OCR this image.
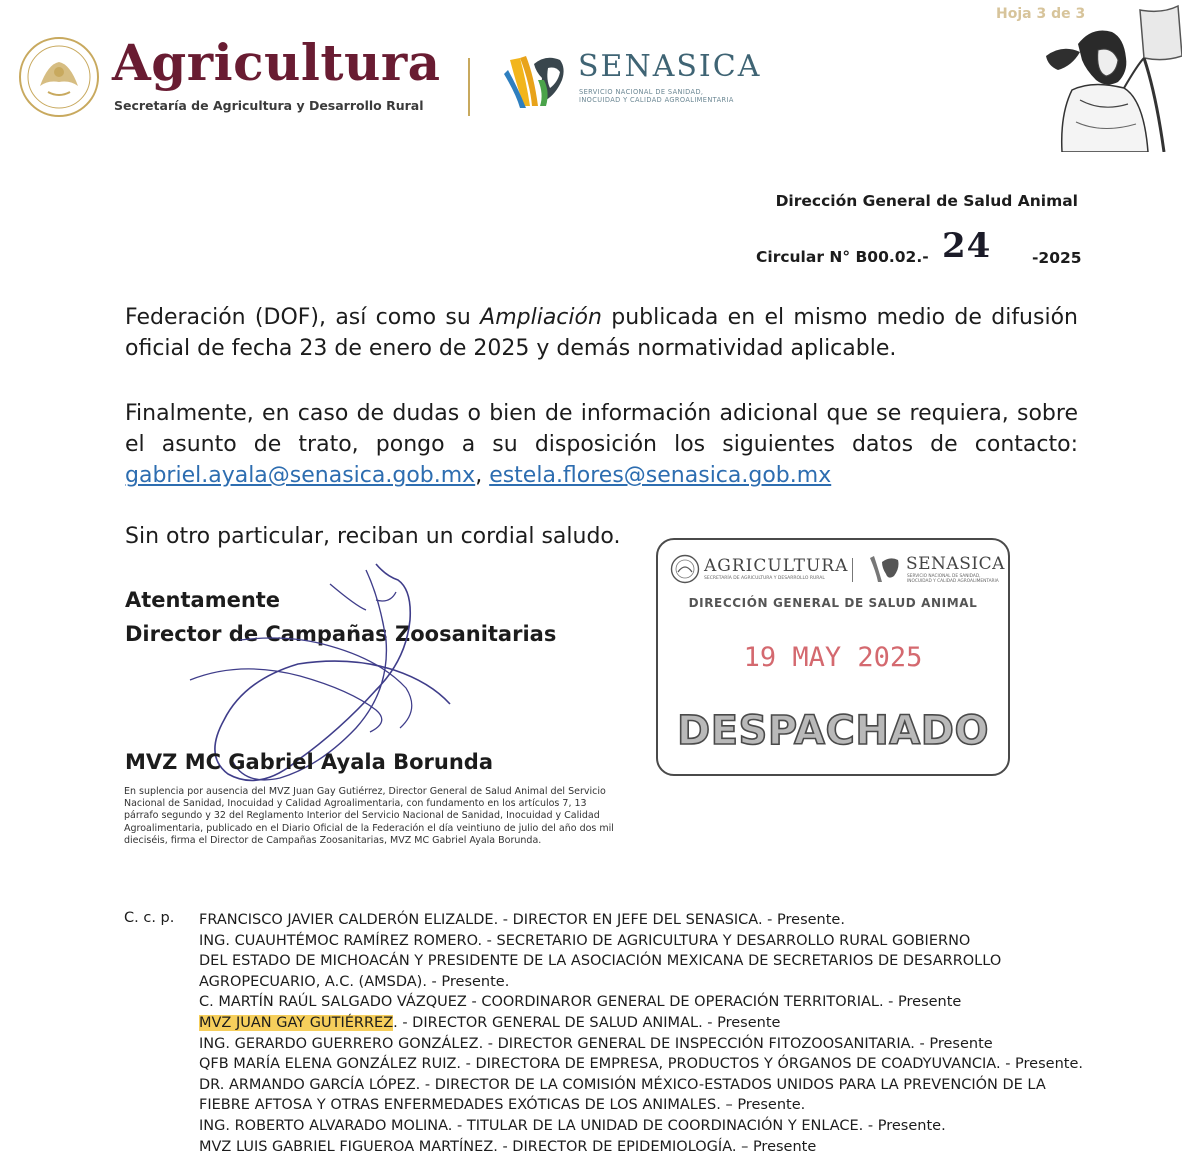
Agricultura
Secretaría de Agricultura y Desarrollo Rural
SENASICA
SERVICIO NACIONAL DE SANIDAD,
INOCUIDAD Y CALIDAD AGROALIMENTARIA
Hoja 3 de 3
Dirección General de Salud Animal
Circular N° B00.02.- 24	-2025
Federación (DOF), así como su Ampliación publicada en el mismo medio de difusión oficial de fecha 23 de enero de 2025 y demás normatividad aplicable.
Finalmente, en caso de dudas o bien de información adicional que se requiera, sobre el asunto de trato, pongo a su disposición los siguientes datos de contacto: gabriel.ayala@senasica.gob.mx, estela.flores@senasica.gob.mx
Sin otro particular, reciban un cordial saludo.
Atentamente
Director de Campañas Zoosanitarias
MVZ MC Gabriel Ayala Borunda
En suplencia por ausencia del MVZ Juan Gay Gutiérrez, Director General de Salud Animal del Servicio Nacional de Sanidad, Inocuidad y Calidad Agroalimentaria, con fundamento en los artículos 7, 13 párrafo segundo y 32 del Reglamento Interior del Servicio Nacional de Sanidad, Inocuidad y Calidad Agroalimentaria, publicado en el Diario Oficial de la Federación el día veintiuno de julio del año dos mil dieciséis, firma el Director de Campañas Zoosanitarias, MVZ MC Gabriel Ayala Borunda.
AGRICULTURA
SECRETARÍA DE AGRICULTURA Y DESARROLLO RURAL
SENASICA
SERVICIO NACIONAL DE SANIDAD,
INOCUIDAD Y CALIDAD AGROALIMENTARIA
DIRECCIÓN GENERAL DE SALUD ANIMAL
19 MAY 2025
DESPACHADO
C. c. p. FRANCISCO JAVIER CALDERÓN ELIZALDE. - DIRECTOR EN JEFE DEL SENASICA. - Presente.
ING. CUAUHTÉMOC RAMÍREZ ROMERO. - SECRETARIO DE AGRICULTURA Y DESARROLLO RURAL GOBIERNO
DEL ESTADO DE MICHOACÁN Y PRESIDENTE DE LA ASOCIACIÓN MEXICANA DE SECRETARIOS DE DESARROLLO
AGROPECUARIO, A.C. (AMSDA). - Presente.
C. MARTÍN RAÚL SALGADO VÁZQUEZ - COORDINAROR GENERAL DE OPERACIÓN TERRITORIAL. - Presente
MVZ JUAN GAY GUTIÉRREZ. - DIRECTOR GENERAL DE SALUD ANIMAL. - Presente
ING. GERARDO GUERRERO GONZÁLEZ. - DIRECTOR GENERAL DE INSPECCIÓN FITOZOOSANITARIA. - Presente
QFB MARÍA ELENA GONZÁLEZ RUIZ. - DIRECTORA DE EMPRESA, PRODUCTOS Y ÓRGANOS DE COADYUVANCIA. - Presente.
DR. ARMANDO GARCÍA LÓPEZ. - DIRECTOR DE LA COMISIÓN MÉXICO-ESTADOS UNIDOS PARA LA PREVENCIÓN DE LA
FIEBRE AFTOSA Y OTRAS ENFERMEDADES EXÓTICAS DE LOS ANIMALES. – Presente.
ING. ROBERTO ALVARADO MOLINA. - TITULAR DE LA UNIDAD DE COORDINACIÓN Y ENLACE. - Presente.
MVZ LUIS GABRIEL FIGUEROA MARTÍNEZ. - DIRECTOR DE EPIDEMIOLOGÍA. – Presente
